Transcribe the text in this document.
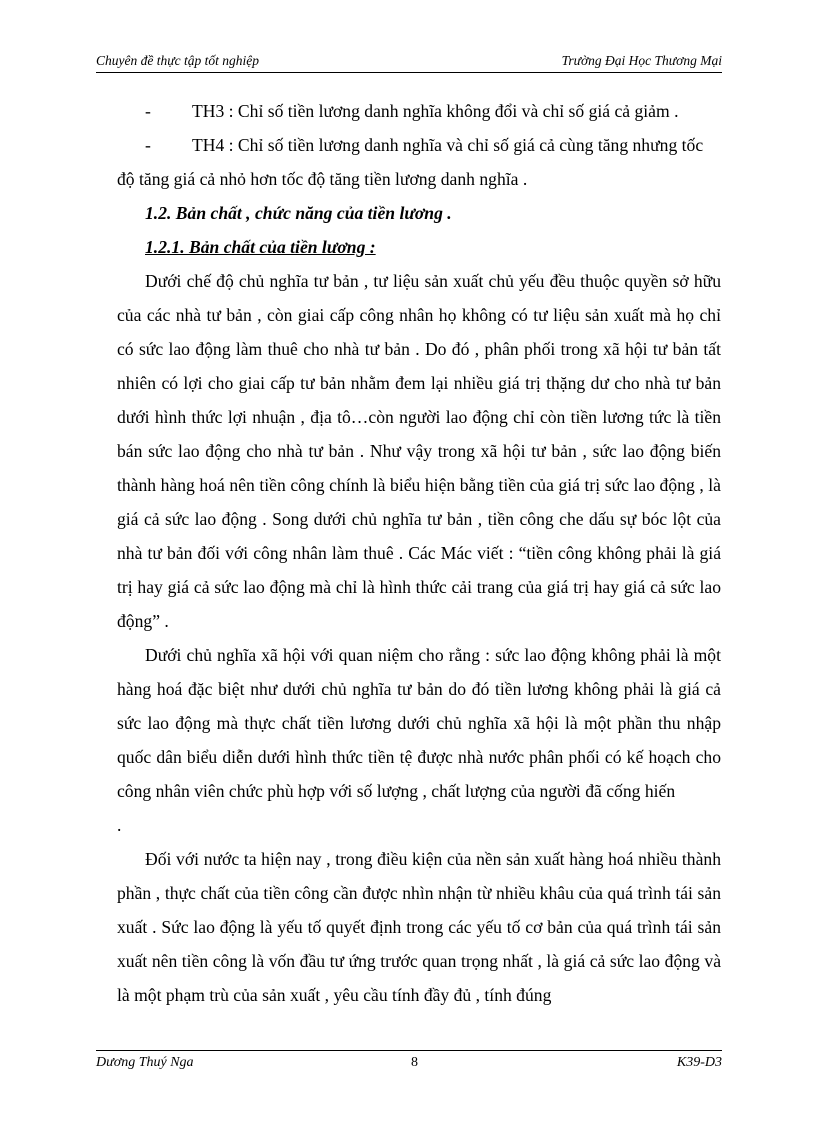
Chuyên đề thực tập tốt nghiệp	Trường Đại Học Thương Mại
- TH3 : Chỉ số tiền lương danh nghĩa không đổi và chỉ số giá cả giảm .
- TH4 : Chỉ số tiền lương danh nghĩa và chỉ số giá cả cùng tăng nhưng tốc

độ tăng giá cả nhỏ hơn tốc độ tăng tiền lương danh nghĩa .

1.2. Bản chất , chức năng của tiền lương .

1.2.1. Bản chất của tiền lương :

Dưới chế độ chủ nghĩa tư bản , tư liệu sản xuất chủ yếu đều thuộc quyền sở hữu của các nhà tư bản , còn giai cấp công nhân họ không có tư liệu sản xuất mà họ chỉ có sức lao động làm thuê cho nhà tư bản . Do đó , phân phối trong xã hội tư bản tất nhiên có lợi cho giai cấp tư bản nhằm đem lại nhiều giá trị thặng dư cho nhà tư bản dưới hình thức lợi nhuận , địa tô…còn người lao động chỉ còn tiền lương tức là tiền bán sức lao động cho nhà tư bản . Như vậy trong xã hội tư bản , sức lao động biến thành hàng hoá nên tiền công chính là biểu hiện bằng tiền của giá trị sức lao động , là giá cả sức lao động . Song dưới chủ nghĩa tư bản , tiền công che dấu sự bóc lột của nhà tư bản đối với công nhân làm thuê . Các Mác viết : “tiền công không phải là giá trị hay giá cả sức lao động mà chỉ là hình thức cải trang của giá trị hay giá cả sức lao động” .

Dưới chủ nghĩa xã hội với quan niệm cho rằng : sức lao động không phải là một hàng hoá đặc biệt như dưới chủ nghĩa tư bản do đó tiền lương không phải là giá cả sức lao động mà thực chất tiền lương dưới chủ nghĩa xã hội là một phần thu nhập quốc dân biểu diễn dưới hình thức tiền tệ được nhà nước phân phối có kế hoạch cho công nhân viên chức phù hợp với số lượng , chất lượng của người đã cống hiến

.

Đối với nước ta hiện nay , trong điều kiện của nền sản xuất hàng hoá nhiều thành phần , thực chất của tiền công cần được nhìn nhận từ nhiều khâu của quá trình tái sản xuất . Sức lao động là yếu tố quyết định trong các yếu tố cơ bản của quá trình tái sản xuất nên tiền công là vốn đầu tư ứng trước quan trọng nhất , là giá cả sức lao động và là một phạm trù của sản xuất , yêu cầu tính đầy đủ , tính đúng

Dương Thuý Nga	8	K39-D3
